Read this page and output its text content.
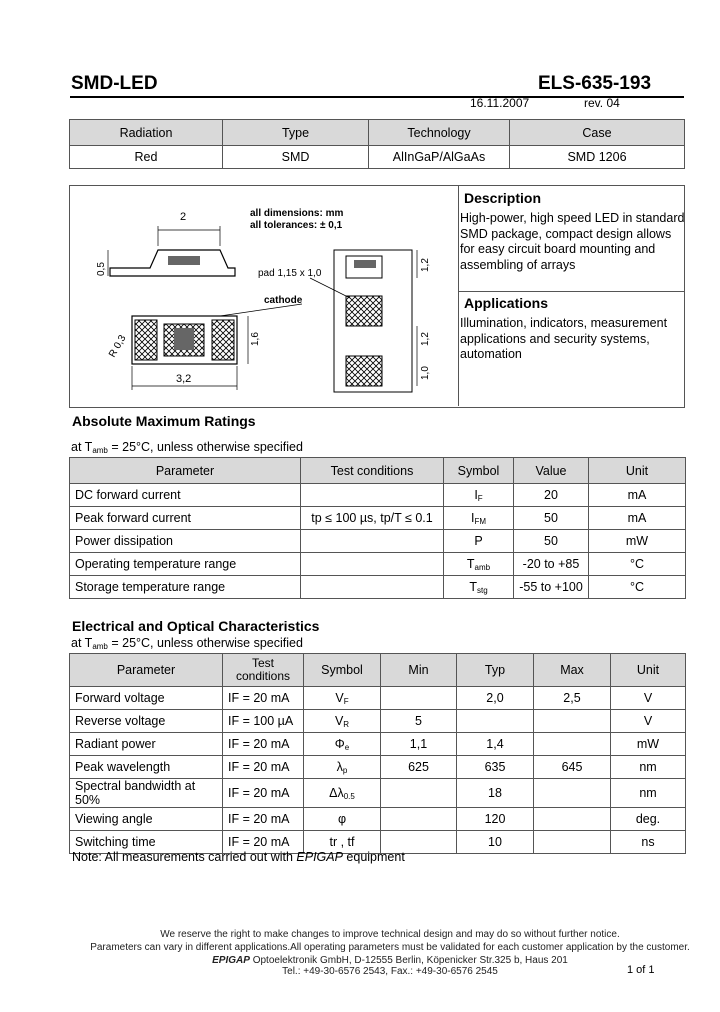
SMD-LED	ELS-635-193
16.11.2007	rev. 04
Radiation	Type	Technology	Case
Red	SMD	AlInGaP/AlGaAs	SMD 1206
2	all dimensions: mm
all tolerances: ± 0,1
0,5	pad 1,15 x 1,0
1,2
cathode
R 0,3	1,6	1,2
3,2	1,0
Description
High-power, high speed LED in standard SMD package, compact design allows for easy circuit board mounting and assembling of arrays
Applications
Illumination, indicators, measurement applications and security systems, automation
Absolute Maximum Ratings
at $T_{amb} = 25^\circ C$, unless otherwise specified
Parameter	Test conditions	Symbol	Value	Unit
DC forward current		$I_F$	20	mA
Peak forward current	tp ≤ 100 µs, tp/T ≤ 0.1	$I_{FM}$	50	mA
Power dissipation		P	50	mW
Operating temperature range		$T_{amb}$	-20 to +85	°C
Storage temperature range		$T_{stg}$	-55 to +100	°C
Electrical and Optical Characteristics
at $T_{amb} = 25^\circ C$, unless otherwise specified
Parameter	Test conditions	Symbol	Min	Typ	Max	Unit
Forward voltage	IF = 20 mA	$V_F$		2,0	2,5	V
Reverse voltage	IF = 100 µA	$V_R$	5			V
Radiant power	IF = 20 mA	$\Phi_e$	1,1	1,4		mW
Peak wavelength	IF = 20 mA	$\lambda_p$	625	635	645	nm
Spectral bandwidth at 50%	IF = 20 mA	$\Delta\lambda_{0.5}$		18		nm
Viewing angle	IF = 20 mA	φ		120		deg.
Switching time	IF = 20 mA	tr , tf		10		ns
Note: All measurements carried out with EPIGAP equipment
We reserve the right to make changes to improve technical design and may do so without further notice.
Parameters can vary in different applications.All operating parameters must be validated for each customer application by the customer.
EPIGAP Optoelektronik GmbH, D-12555 Berlin, Köpenicker Str.325 b, Haus 201
Tel.: +49-30-6576 2543, Fax.: +49-30-6576 2545	1 of 1
